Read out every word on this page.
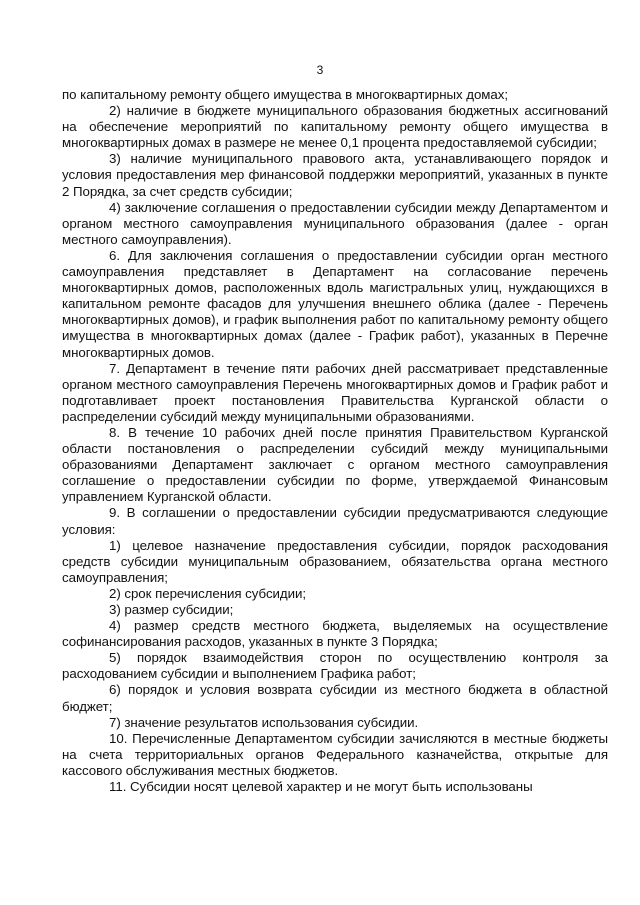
3

по капитальному ремонту общего имущества в многоквартирных домах;

2) наличие в бюджете муниципального образования бюджетных ассигнований на обеспечение мероприятий по капитальному ремонту общего имущества в многоквартирных домах в размере не менее 0,1 процента предоставляемой субсидии;

3) наличие муниципального правового акта, устанавливающего порядок и условия предоставления мер финансовой поддержки мероприятий, указанных в пункте 2 Порядка, за счет средств субсидии;

4) заключение соглашения о предоставлении субсидии между Департаментом и органом местного самоуправления муниципального образования (далее - орган местного самоуправления).

6. Для заключения соглашения о предоставлении субсидии орган местного самоуправления представляет в Департамент на согласование перечень многоквартирных домов, расположенных вдоль магистральных улиц, нуждающихся в капитальном ремонте фасадов для улучшения внешнего облика (далее - Перечень многоквартирных домов), и график выполнения работ по капитальному ремонту общего имущества в многоквартирных домах (далее - График работ), указанных в Перечне многоквартирных домов.

7. Департамент в течение пяти рабочих дней рассматривает представленные органом местного самоуправления Перечень многоквартирных домов и График работ и подготавливает проект постановления Правительства Курганской области о распределении субсидий между муниципальными образованиями.

8. В течение 10 рабочих дней после принятия Правительством Курганской области постановления о распределении субсидий между муниципальными образованиями Департамент заключает с органом местного самоуправления соглашение о предоставлении субсидии по форме, утверждаемой Финансовым управлением Курганской области.

9. В соглашении о предоставлении субсидии предусматриваются следующие условия:

1) целевое назначение предоставления субсидии, порядок расходования средств субсидии муниципальным образованием, обязательства органа местного самоуправления;

2) срок перечисления субсидии;

3) размер субсидии;

4) размер средств местного бюджета, выделяемых на осуществление софинансирования расходов, указанных в пункте 3 Порядка;

5) порядок взаимодействия сторон по осуществлению контроля за расходованием субсидии и выполнением Графика работ;

6) порядок и условия возврата субсидии из местного бюджета в областной бюджет;

7) значение результатов использования субсидии.

10. Перечисленные Департаментом субсидии зачисляются в местные бюджеты на счета территориальных органов Федерального казначейства, открытые для кассового обслуживания местных бюджетов.

11. Субсидии носят целевой характер и не могут быть использованы
